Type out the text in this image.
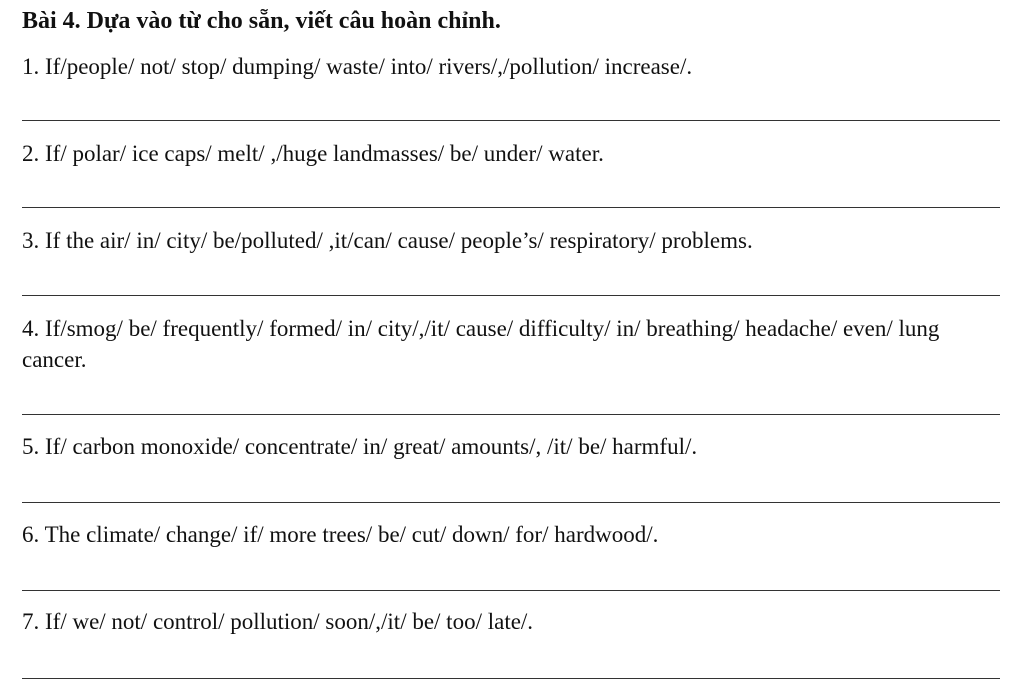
Bài 4. Dựa vào từ cho sẵn, viết câu hoàn chỉnh.
1. If/people/ not/ stop/ dumping/ waste/ into/ rivers/,/pollution/ increase/.
2. If/ polar/ ice caps/ melt/ ,/huge landmasses/ be/ under/ water.
3. If the air/ in/ city/ be/polluted/ ,it/can/ cause/ people’s/ respiratory/ problems.
4. If/smog/ be/ frequently/ formed/ in/ city/,/it/ cause/ difficulty/ in/ breathing/ headache/ even/ lung cancer.
5. If/ carbon monoxide/ concentrate/ in/ great/ amounts/, /it/ be/ harmful/.
6. The climate/ change/ if/ more trees/ be/ cut/ down/ for/ hardwood/.
7. If/ we/ not/ control/ pollution/ soon/,/it/ be/ too/ late/.
